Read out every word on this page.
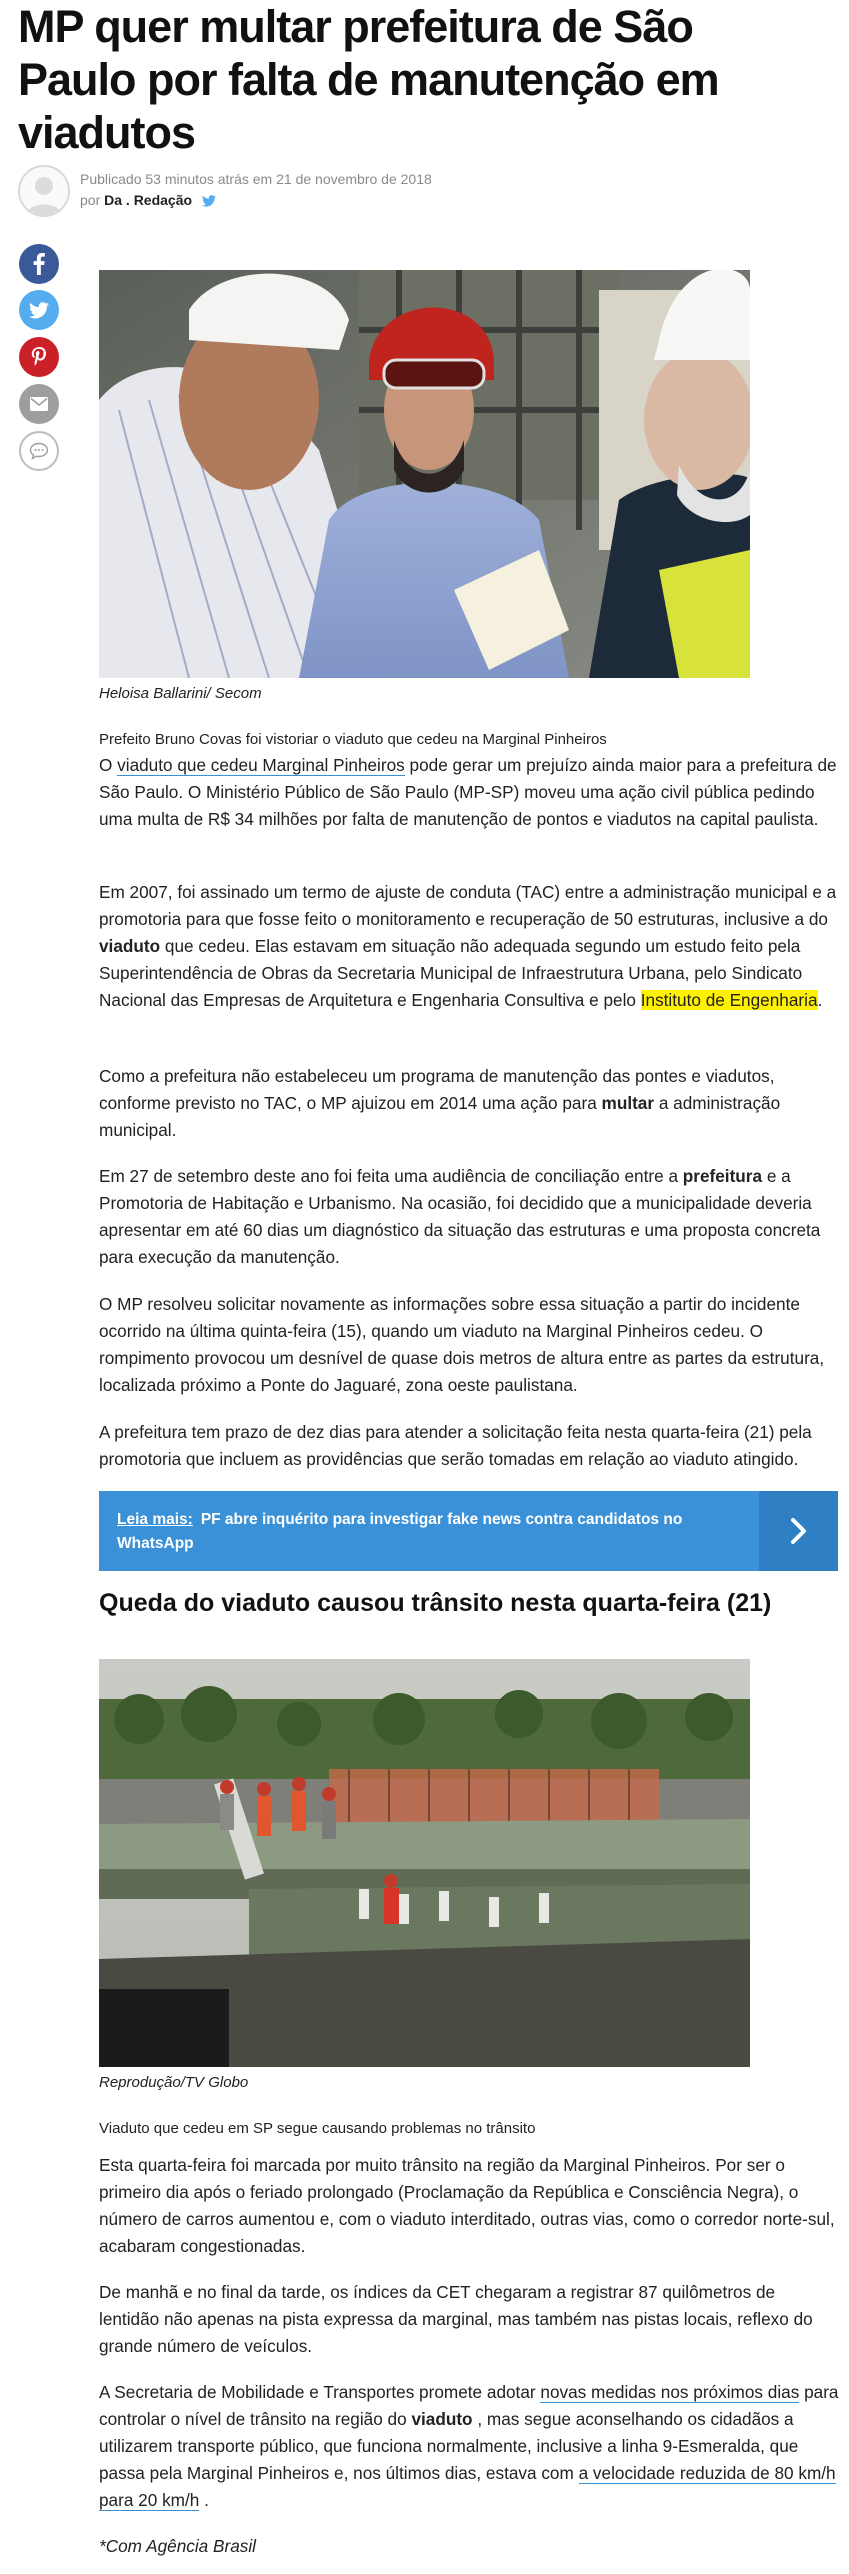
MP quer multar prefeitura de São Paulo por falta de manutenção em viadutos
Publicado 53 minutos atrás em 21 de novembro de 2018
por Da . Redação
Heloisa Ballarini/ Secom
Prefeito Bruno Covas foi vistoriar o viaduto que cedeu na Marginal Pinheiros

O viaduto que cedeu Marginal Pinheiros pode gerar um prejuízo ainda maior para a prefeitura de São Paulo. O Ministério Público de São Paulo (MP-SP) moveu uma ação civil pública pedindo uma multa de R$ 34 milhões por falta de manutenção de pontos e viadutos na capital paulista.

Em 2007, foi assinado um termo de ajuste de conduta (TAC) entre a administração municipal e a promotoria para que fosse feito o monitoramento e recuperação de 50 estruturas, inclusive a do viaduto que cedeu. Elas estavam em situação não adequada segundo um estudo feito pela Superintendência de Obras da Secretaria Municipal de Infraestrutura Urbana, pelo Sindicato Nacional das Empresas de Arquitetura e Engenharia Consultiva e pelo Instituto de Engenharia.

Como a prefeitura não estabeleceu um programa de manutenção das pontes e viadutos, conforme previsto no TAC, o MP ajuizou em 2014 uma ação para multar a administração municipal.

Em 27 de setembro deste ano foi feita uma audiência de conciliação entre a prefeitura e a Promotoria de Habitação e Urbanismo. Na ocasião, foi decidido que a municipalidade deveria apresentar em até 60 dias um diagnóstico da situação das estruturas e uma proposta concreta para execução da manutenção.

O MP resolveu solicitar novamente as informações sobre essa situação a partir do incidente ocorrido na última quinta-feira (15), quando um viaduto na Marginal Pinheiros cedeu. O rompimento provocou um desnível de quase dois metros de altura entre as partes da estrutura, localizada próximo a Ponte do Jaguaré, zona oeste paulistana.

A prefeitura tem prazo de dez dias para atender a solicitação feita nesta quarta-feira (21) pela promotoria que incluem as providências que serão tomadas em relação ao viaduto atingido.

Leia mais: PF abre inquérito para investigar fake news contra candidatos no WhatsApp
Queda do viaduto causou trânsito nesta quarta-feira (21)
Reprodução/TV Globo
Viaduto que cedeu em SP segue causando problemas no trânsito

Esta quarta-feira foi marcada por muito trânsito na região da Marginal Pinheiros. Por ser o primeiro dia após o feriado prolongado (Proclamação da República e Consciência Negra), o número de carros aumentou e, com o viaduto interditado, outras vias, como o corredor norte-sul, acabaram congestionadas.

De manhã e no final da tarde, os índices da CET chegaram a registrar 87 quilômetros de lentidão não apenas na pista expressa da marginal, mas também nas pistas locais, reflexo do grande número de veículos.

A Secretaria de Mobilidade e Transportes promete adotar novas medidas nos próximos dias para controlar o nível de trânsito na região do viaduto , mas segue aconselhando os cidadãos a utilizarem transporte público, que funciona normalmente, inclusive a linha 9-Esmeralda, que passa pela Marginal Pinheiros e, nos últimos dias, estava com a velocidade reduzida de 80 km/h para 20 km/h .

*Com Agência Brasil
